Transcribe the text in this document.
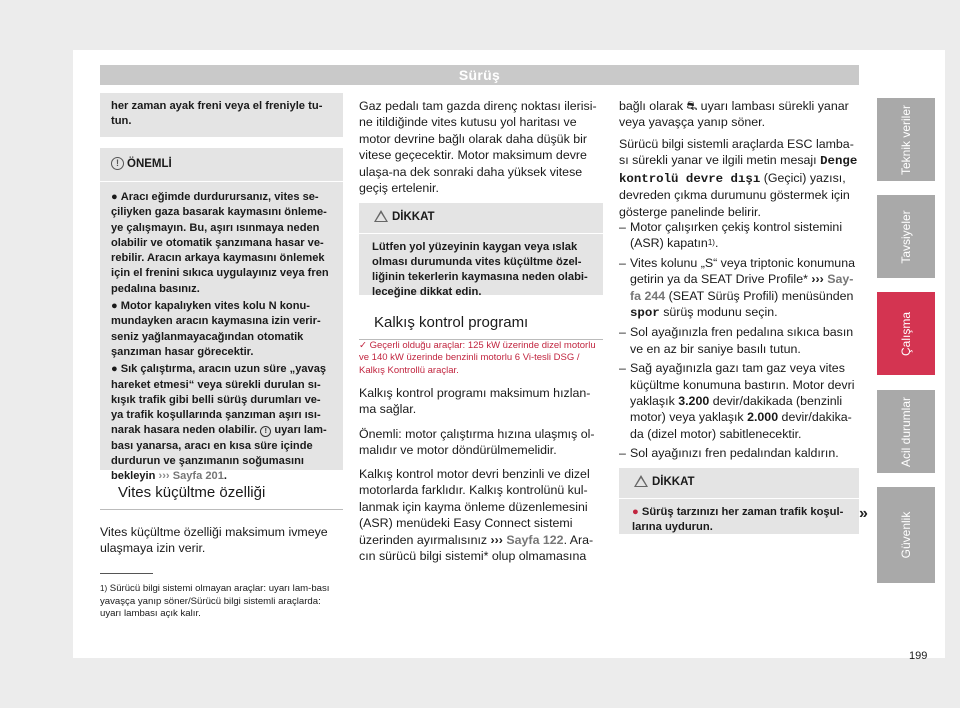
Sürüş
her zaman ayak freni veya el freniyle tu-tun.
! ÖNEMLİ
● Aracı eğimde durdurursanız, vites se-çiliyken gaza basarak kaymasını önleme-ye çalışmayın. Bu, aşırı ısınmaya neden olabilir ve otomatik şanzımana hasar ve-rebilir. Aracın arkaya kaymasını önlemek için el frenini sıkıca uygulayınız veya fren pedalına basınız.
● Motor kapalıyken vites kolu N konu-mundayken aracın kaymasına izin verir-seniz yağlanmayacağından otomatik şanzıman hasar görecektir.
● Sık çalıştırma, aracın uzun süre „yavaş hareket etmesi“ veya sürekli durulan sı-kışık trafik gibi belli sürüş durumları ve-ya trafik koşullarında şanzıman aşırı ısı-narak hasara neden olabilir. ! uyarı lam-bası yanarsa, aracı en kısa süre içinde durdurun ve şanzımanın soğumasını bekleyin ››› Sayfa 201.
Vites küçültme özelliği
Vites küçültme özelliği maksimum ivmeye ulaşmaya izin verir.
$^{1)}$ Sürücü bilgi sistemi olmayan araçlar: uyarı lam-bası yavaşça yanıp söner/Sürücü bilgi sistemli araçlarda: uyarı lambası açık kalır.
Gaz pedalı tam gazda direnç noktası ilerisi-ne itildiğinde vites kutusu yol haritası ve motor devrine bağlı olarak daha düşük bir vitese geçecektir. Motor maksimum devre ulaşa-na dek sonraki daha yüksek vitese geçiş ertelenir.
DİKKAT
Lütfen yol yüzeyinin kaygan veya ıslak olması durumunda vites küçültme özel-liğinin tekerlerin kaymasına neden olabi-leceğine dikkat edin.
Kalkış kontrol programı
✓ Geçerli olduğu araçlar: 125 kW üzerinde dizel motorlu ve 140 kW üzerinde benzinli motorlu 6 Vi-tesli DSG / Kalkış Kontrollü araçlar.
Kalkış kontrol programı maksimum hızlan-ma sağlar.
Önemli: motor çalıştırma hızına ulaşmış ol-malıdır ve motor döndürülmemelidir.
Kalkış kontrol motor devri benzinli ve dizel motorlarda farklıdır. Kalkış kontrolünü kul-lanmak için kayma önleme düzenlemesini (ASR) menüdeki Easy Connect sistemi üzerinden ayırmalısınız ››› Sayfa 122. Ara-cın sürücü bilgi sistemi* olup olmamasına
bağlı olarak ⛐ uyarı lambası sürekli yanar veya yavaşça yanıp söner.
Sürücü bilgi sistemli araçlarda ESC lamba-sı sürekli yanar ve ilgili metin mesajı Denge kontrolü devre dışı (Geçici) yazısı, devreden çıkma durumunu göstermek için gösterge panelinde belirir.
– Motor çalışırken çekiş kontrol sistemini (ASR) kapatın$^{1)}$.
– Vites kolunu „S“ veya triptonic konumuna getirin ya da SEAT Drive Profile* ››› Say-fa 244 (SEAT Sürüş Profili) menüsünden spor sürüş modunu seçin.
– Sol ayağınızla fren pedalına sıkıca basın ve en az bir saniye basılı tutun.
– Sağ ayağınızla gazı tam gaz veya vites küçültme konumuna bastırın. Motor devri yaklaşık 3.200 devir/dakikada (benzinli motor) veya yaklaşık 2.000 devir/dakika-da (dizel motor) sabitlenecektir.
– Sol ayağınızı fren pedalından kaldırın.
DİKKAT
● Sürüş tarzınızı her zaman trafik koşul-larına uydurun.
»
Teknik veriler
Tavsiyeler
Çalışma
Acil durumlar
Güvenlik
199
